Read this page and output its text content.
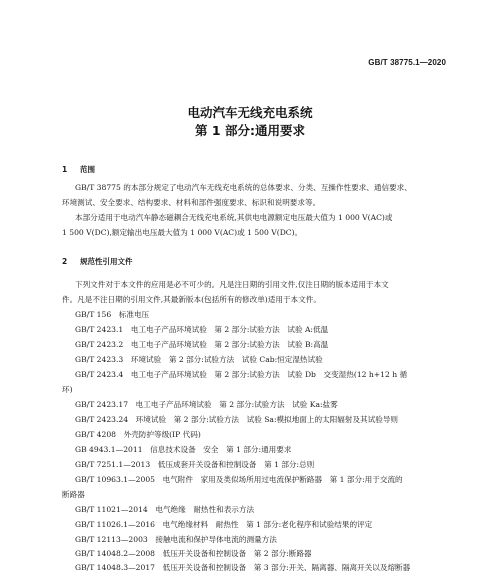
GB/T 38775.1—2020
电动汽车无线充电系统
第 1 部分:通用要求
1 范围
GB/T 38775 的本部分规定了电动汽车无线充电系统的总体要求、分类、互操作性要求、通信要求、
环境测试、安全要求、结构要求、材料和部件强度要求、标识和说明要求等。
本部分适用于电动汽车静态磁耦合无线充电系统,其供电电源额定电压最大值为 1 000 V(AC)或
1 500 V(DC),额定输出电压最大值为 1 000 V(AC)或 1 500 V(DC)。
2 规范性引用文件
下列文件对于本文件的应用是必不可少的。凡是注日期的引用文件,仅注日期的版本适用于本文
件。凡是不注日期的引用文件,其最新版本(包括所有的修改单)适用于本文件。
GB/T 156　标准电压
GB/T 2423.1　电工电子产品环境试验　第 2 部分:试验方法　试验 A:低温
GB/T 2423.2　电工电子产品环境试验　第 2 部分:试验方法　试验 B:高温
GB/T 2423.3　环境试验　第 2 部分:试验方法　试验 Cab:恒定湿热试验
GB/T 2423.4　电工电子产品环境试验　第 2 部分:试验方法　试验 Db　交变湿热(12 h+12 h 循
环)
GB/T 2423.17　电工电子产品环境试验　第 2 部分:试验方法　试验 Ka:盐雾
GB/T 2423.24　环境试验　第 2 部分:试验方法　试验 Sa:模拟地面上的太阳辐射及其试验导则
GB/T 4208　外壳防护等级(IP 代码)
GB 4943.1—2011　信息技术设备　安全　第 1 部分:通用要求
GB/T 7251.1—2013　低压成套开关设备和控制设备　第 1 部分:总则
GB/T 10963.1—2005　电气附件　家用及类似场所用过电流保护断路器　第 1 部分:用于交流的
断路器
GB/T 11021—2014　电气绝缘　耐热性和表示方法
GB/T 11026.1—2016　电气绝缘材料　耐热性　第 1 部分:老化程序和试验结果的评定
GB/T 12113—2003　接触电流和保护导体电流的测量方法
GB/T 14048.2—2008　低压开关设备和控制设备　第 2 部分:断路器
GB/T 14048.3—2017　低压开关设备和控制设备　第 3 部分:开关、隔离器、隔离开关以及熔断器
